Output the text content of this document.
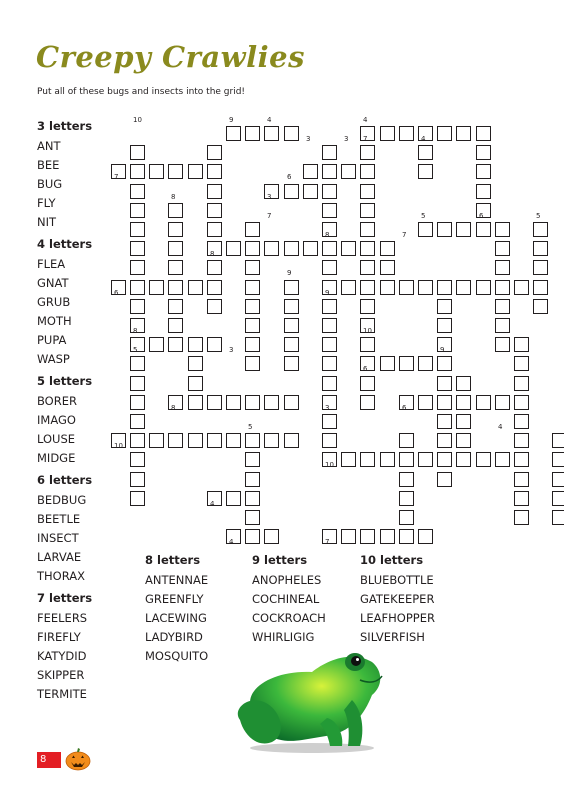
Creepy Crawlies
Put all of these bugs and insects into the grid!
10	9	4	4
3	4
3
7
7
6
3
8
7	5	6
7
5
8
8
9
6	9
8	10
5	3
6
9
8	3	6
5	4
10
10
4
4	7
3 letters
ANT
BEE
BUG
FLY
NIT
4 letters
FLEA
GNAT
GRUB
MOTH
PUPA
WASP
5 letters
BORER
IMAGO
LOUSE
MIDGE
6 letters
BEDBUG
BEETLE
INSECT
LARVAE
THORAX
7 letters
FEELERS
FIREFLY
KATYDID
SKIPPER
TERMITE
8 letters
ANTENNAE
GREENFLY
LACEWING
LADYBIRD
MOSQUITO
9 letters
ANOPHELES
COCHINEAL
COCKROACH
WHIRLIGIG
10 letters
BLUEBOTTLE
GATEKEEPER
LEAFHOPPER
SILVERFISH
8
